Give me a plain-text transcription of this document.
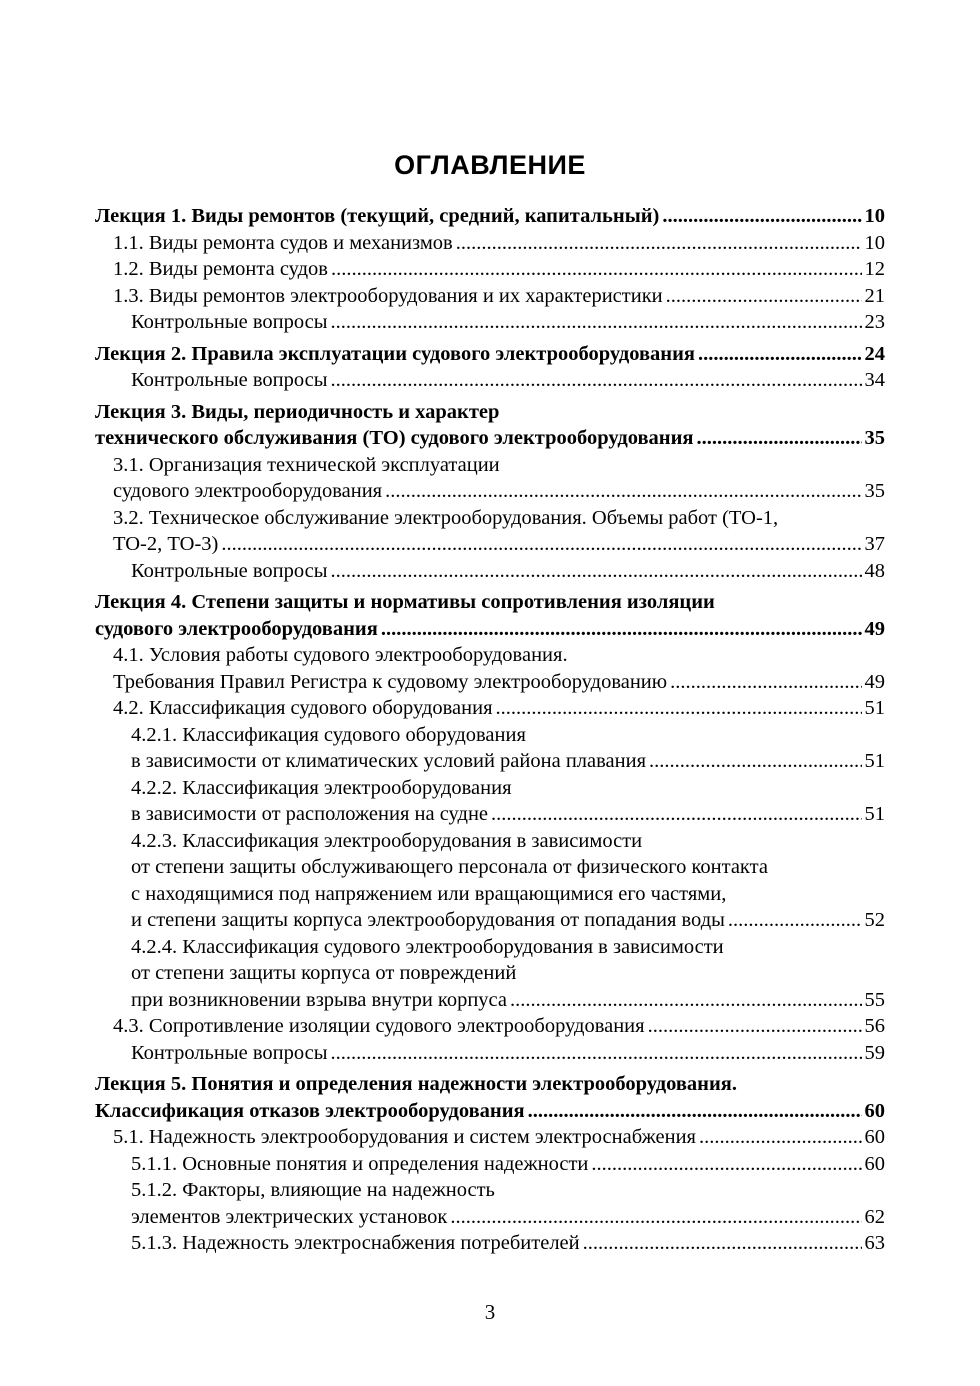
ОГЛАВЛЕНИЕ
Лекция 1. Виды ремонтов (текущий, средний, капитальный) .....	10
1.1. Виды ремонта судов и механизмов .....	10
1.2. Виды ремонта судов .....	12
1.3. Виды ремонтов электрооборудования и их характеристики .....	21
Контрольные вопросы .....	23
Лекция 2. Правила эксплуатации судового электрооборудования .....	24
Контрольные вопросы .....	34
Лекция 3. Виды, периодичность и характер
технического обслуживания (ТО) судового электрооборудования .....	35
3.1. Организация технической эксплуатации
судового электрооборудования .....	35
3.2. Техническое обслуживание электрооборудования. Объемы работ (ТО-1,
ТО-2, ТО-3) .....	37
Контрольные вопросы .....	48
Лекция 4. Степени защиты и нормативы сопротивления изоляции
судового электрооборудования .....	49
4.1. Условия работы судового электрооборудования.
Требования Правил Регистра к судовому электрооборудованию .....	49
4.2. Классификация судового оборудования .....	51
4.2.1. Классификация судового оборудования
в зависимости от климатических условий района плавания .....	51
4.2.2. Классификация электрооборудования
в зависимости от расположения на судне .....	51
4.2.3. Классификация электрооборудования в зависимости
от степени защиты обслуживающего персонала от физического контакта
с находящимися под напряжением или вращающимися его частями,
и степени защиты корпуса электрооборудования от попадания воды .....	52
4.2.4. Классификация судового электрооборудования в зависимости
от степени защиты корпуса от повреждений
при возникновении взрыва внутри корпуса .....	55
4.3. Сопротивление изоляции судового электрооборудования .....	56
Контрольные вопросы .....	59
Лекция 5. Понятия и определения надежности электрооборудования.
Классификация отказов электрооборудования .....	60
5.1. Надежность электрооборудования и систем электроснабжения .....	60
5.1.1. Основные понятия и определения надежности .....	60
5.1.2. Факторы, влияющие на надежность
элементов электрических установок .....	62
5.1.3. Надежность электроснабжения потребителей .....	63
3
